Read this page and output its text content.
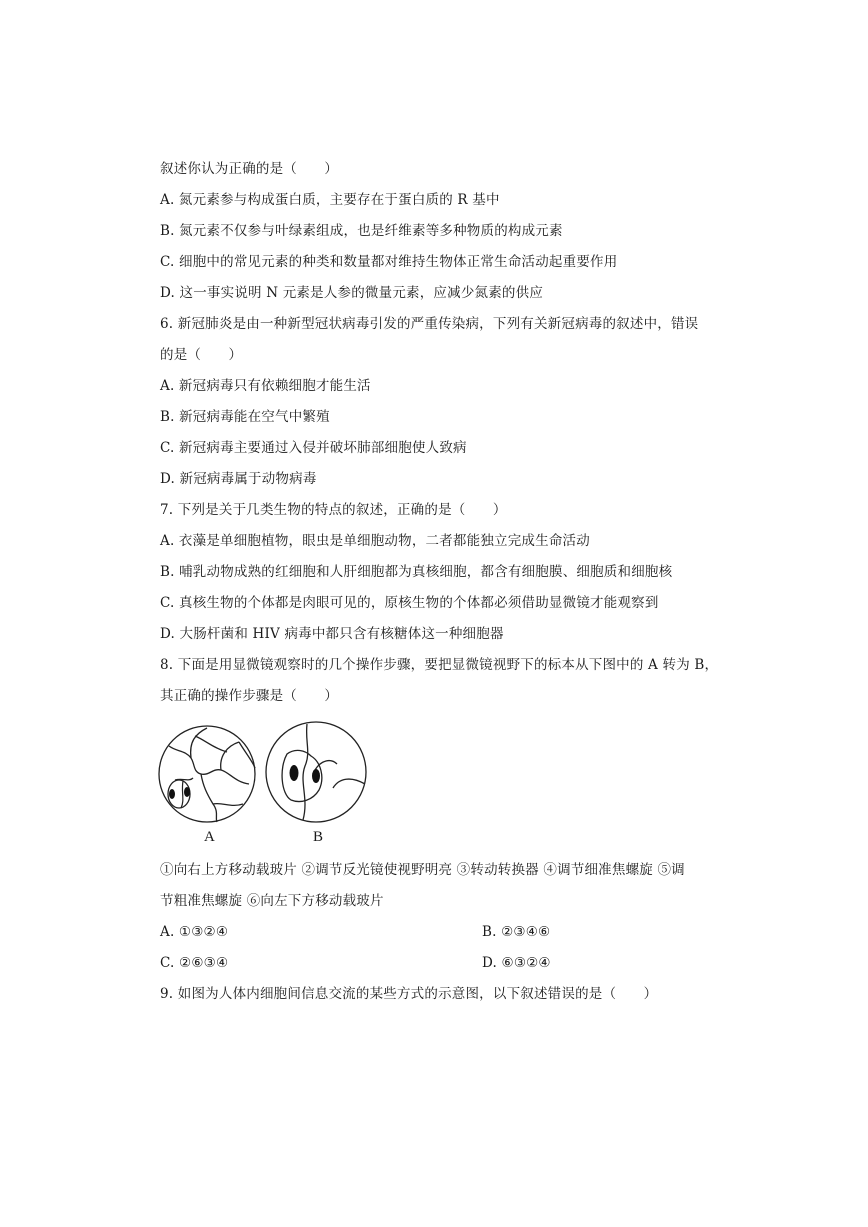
叙述你认为正确的是（　　）
A. 氮元素参与构成蛋白质，主要存在于蛋白质的 R 基中
B. 氮元素不仅参与叶绿素组成，也是纤维素等多种物质的构成元素
C. 细胞中的常见元素的种类和数量都对维持生物体正常生命活动起重要作用
D. 这一事实说明 N 元素是人参的微量元素，应减少氮素的供应
6. 新冠肺炎是由一种新型冠状病毒引发的严重传染病，下列有关新冠病毒的叙述中，错误
的是（　　）
A. 新冠病毒只有依赖细胞才能生活
B. 新冠病毒能在空气中繁殖
C. 新冠病毒主要通过入侵并破坏肺部细胞使人致病
D. 新冠病毒属于动物病毒
7. 下列是关于几类生物的特点的叙述，正确的是（　　）
A. 衣藻是单细胞植物，眼虫是单细胞动物，二者都能独立完成生命活动
B. 哺乳动物成熟的红细胞和人肝细胞都为真核细胞，都含有细胞膜、细胞质和细胞核
C. 真核生物的个体都是肉眼可见的，原核生物的个体都必须借助显微镜才能观察到
D. 大肠杆菌和 HIV 病毒中都只含有核糖体这一种细胞器
8. 下面是用显微镜观察时的几个操作步骤，要把显微镜视野下的标本从下图中的 A 转为 B，
其正确的操作步骤是（　　）
A	B
①向右上方移动载玻片 ②调节反光镜使视野明亮 ③转动转换器 ④调节细准焦螺旋 ⑤调
节粗准焦螺旋 ⑥向左下方移动载玻片
A. ①③②④	B. ②③④⑥
C. ②⑥③④	D. ⑥③②④
9. 如图为人体内细胞间信息交流的某些方式的示意图，以下叙述错误的是（　　）
